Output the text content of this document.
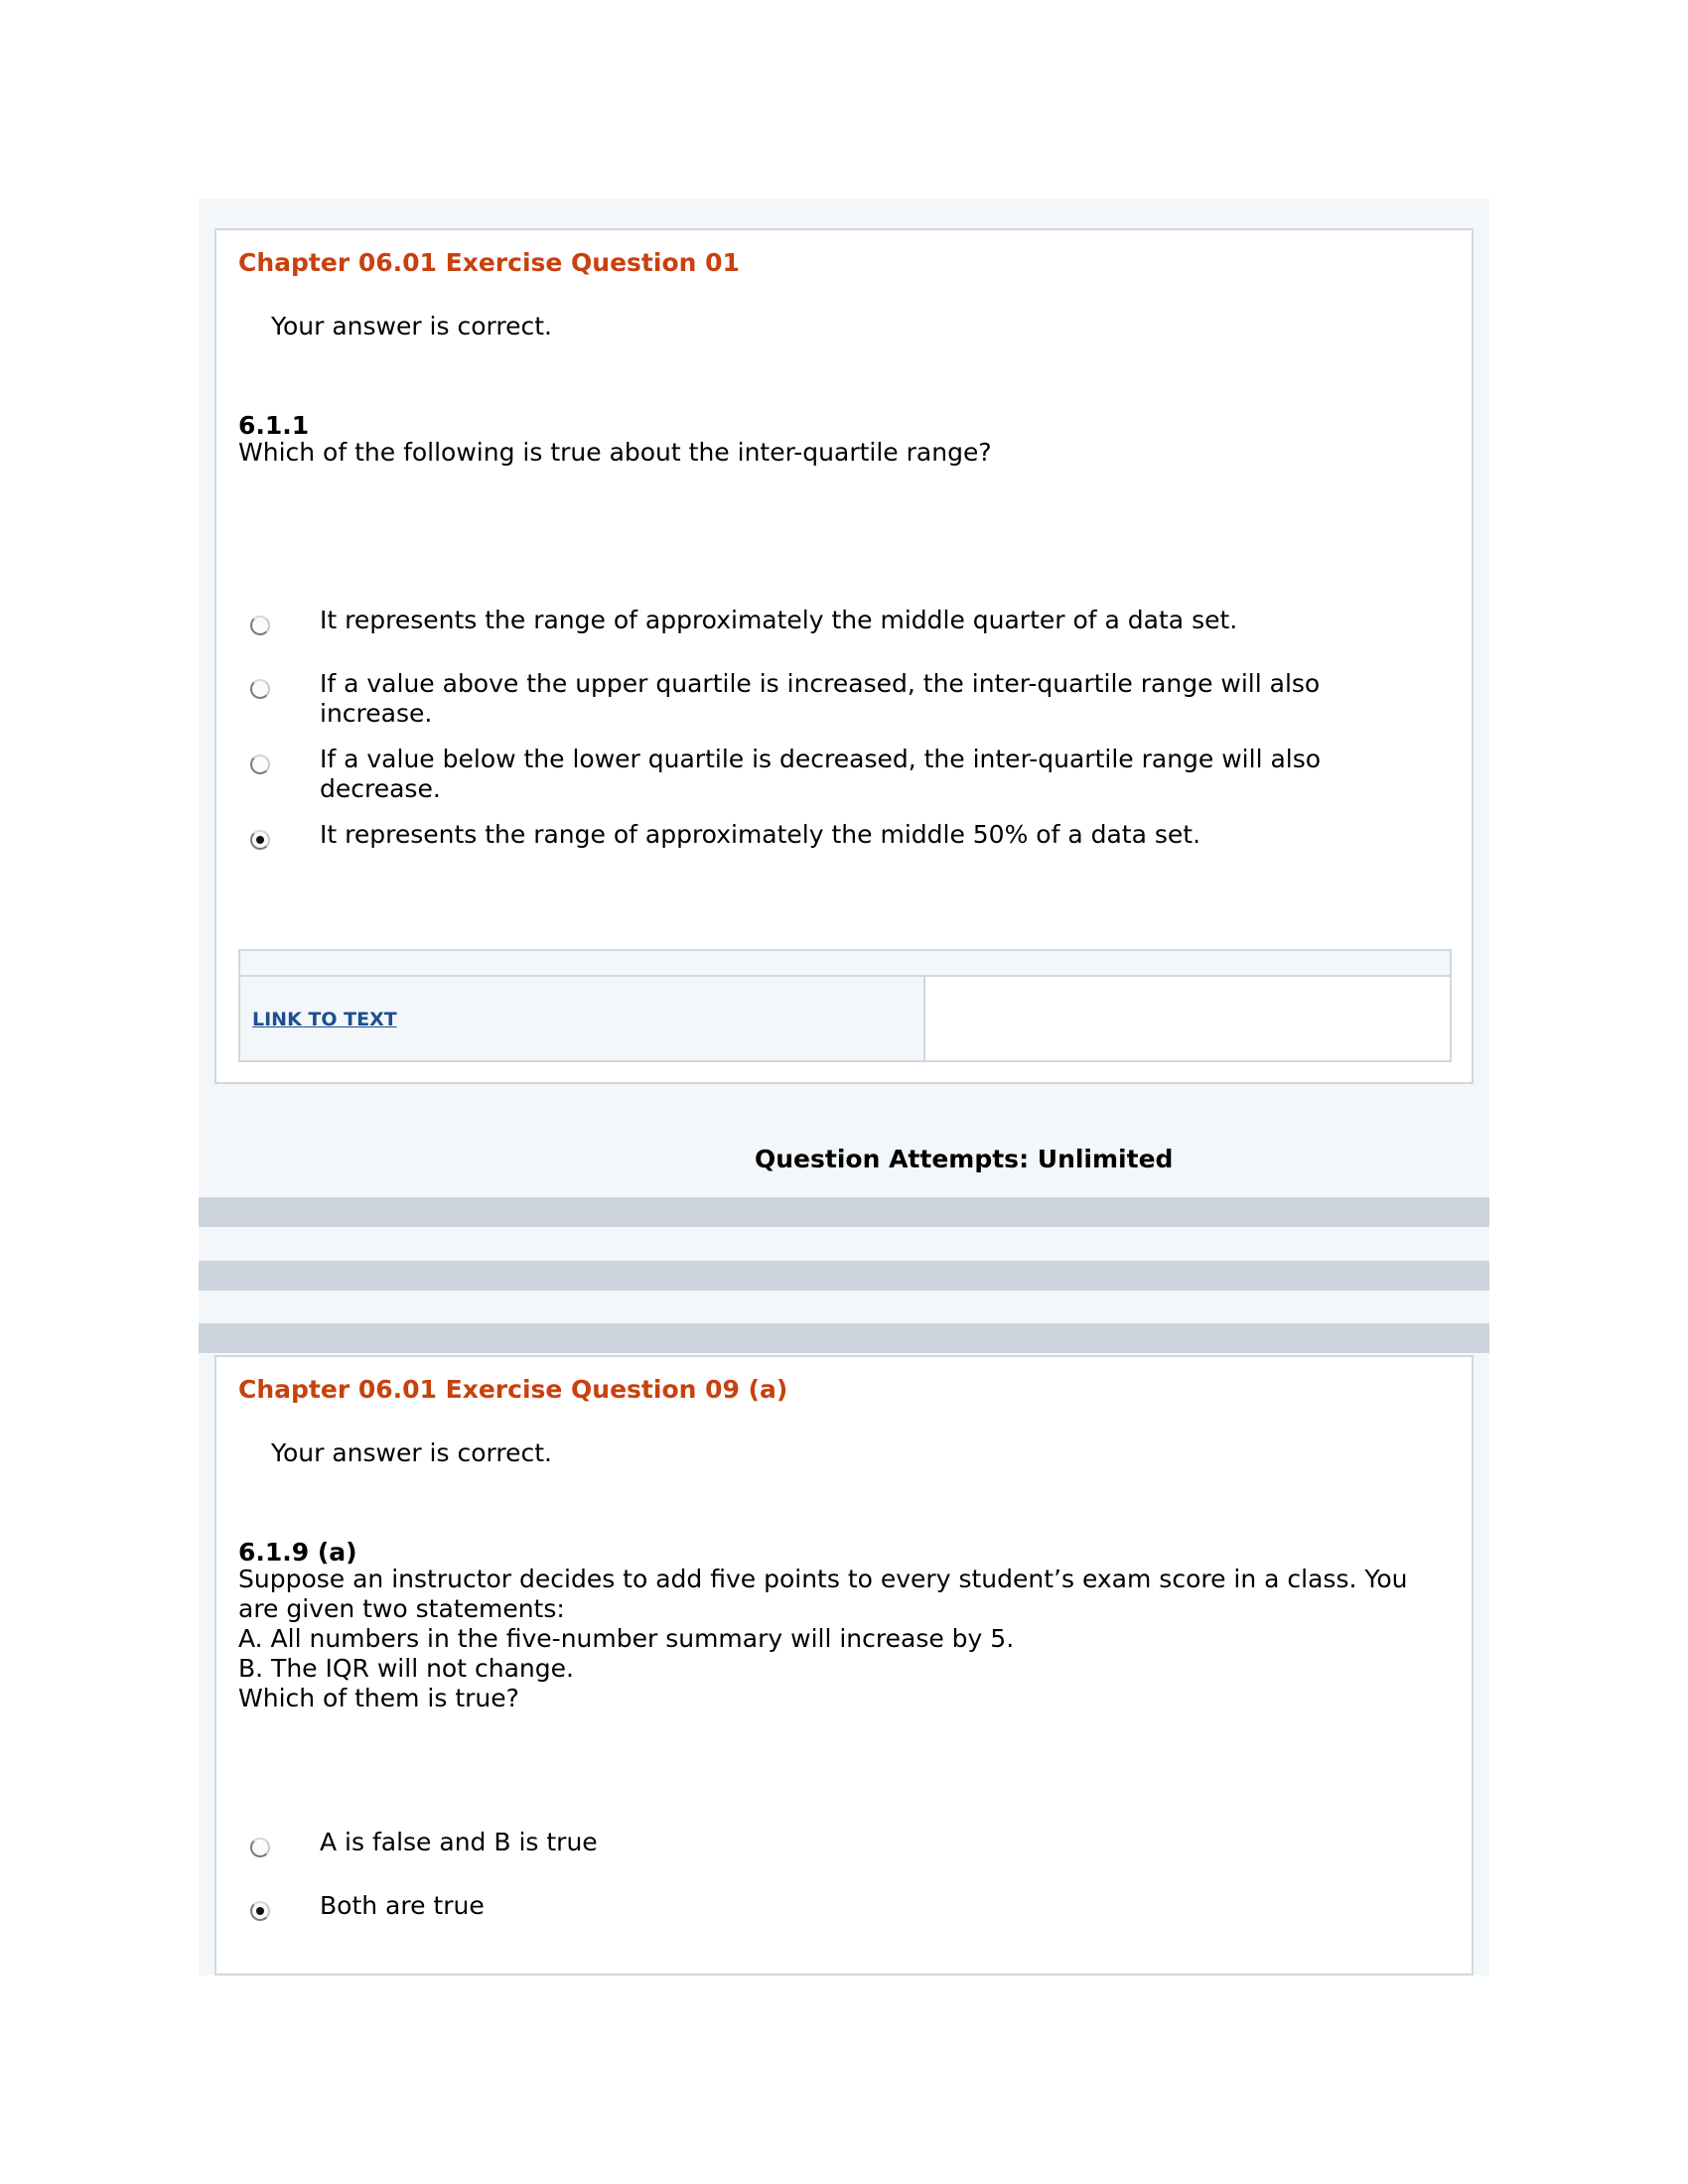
Chapter 06.01 Exercise Question 01
Your answer is correct.
6.1.1
Which of the following is true about the inter-quartile range?
It represents the range of approximately the middle quarter of a data set.
If a value above the upper quartile is increased, the inter-quartile range will also increase.
If a value below the lower quartile is decreased, the inter-quartile range will also decrease.
It represents the range of approximately the middle 50% of a data set.
LINK TO TEXT
Question Attempts: Unlimited
Chapter 06.01 Exercise Question 09 (a)
Your answer is correct.
6.1.9 (a)
Suppose an instructor decides to add five points to every student’s exam score in a class. You
are given two statements:
A. All numbers in the five-number summary will increase by 5.
B. The IQR will not change.
Which of them is true?
A is false and B is true
Both are true
